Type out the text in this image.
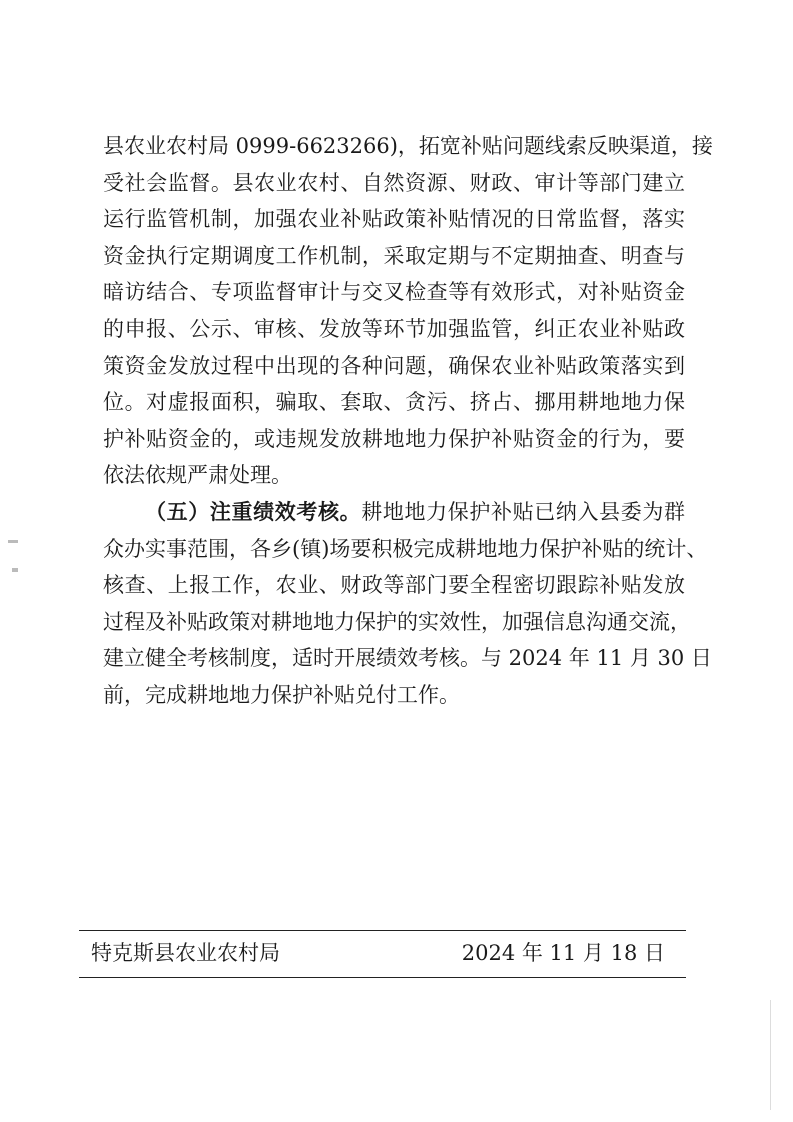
县农业农村局 0999-6623266)，拓宽补贴问题线索反映渠道，接
受社会监督。县农业农村、自然资源、财政、审计等部门建立
运行监管机制，加强农业补贴政策补贴情况的日常监督，落实
资金执行定期调度工作机制，采取定期与不定期抽查、明查与
暗访结合、专项监督审计与交叉检查等有效形式，对补贴资金
的申报、公示、审核、发放等环节加强监管，纠正农业补贴政
策资金发放过程中出现的各种问题，确保农业补贴政策落实到
位。对虚报面积，骗取、套取、贪污、挤占、挪用耕地地力保
护补贴资金的，或违规发放耕地地力保护补贴资金的行为，要
依法依规严肃处理。
（五）注重绩效考核。耕地地力保护补贴已纳入县委为群
众办实事范围，各乡(镇)场要积极完成耕地地力保护补贴的统计、
核查、上报工作，农业、财政等部门要全程密切跟踪补贴发放
过程及补贴政策对耕地地力保护的实效性，加强信息沟通交流，
建立健全考核制度，适时开展绩效考核。与 2024 年 11 月 30 日
前，完成耕地地力保护补贴兑付工作。
特克斯县农业农村局	2024 年 11 月 18 日
